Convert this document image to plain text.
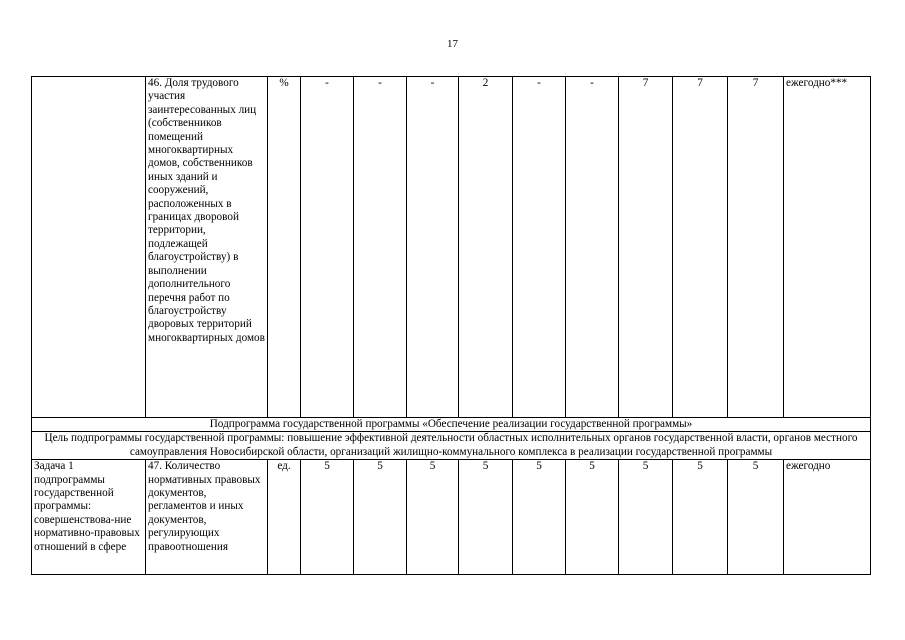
17
	46. Доля трудового участия заинтересованных лиц (собственников помещений многоквартирных домов, собственников иных зданий и сооружений, расположенных в границах дворовой территории, подлежащей благоустройству) в выполнении дополнительного перечня работ по благоустройству дворовых территорий многоквартирных домов	%	-	-	-	2	-	-	7	7	7	ежегодно***
Подпрограмма государственной программы «Обеспечение реализации государственной программы»												
Цель подпрограммы государственной программы: повышение эффективной деятельности областных исполнительных органов государственной власти, органов местного самоуправления Новосибирской области, организаций жилищно-коммунального комплекса в реализации государственной программы												
Задача 1 подпрограммы государственной программы: совершенствова-ние нормативно-правовых отношений в сфере	47. Количество нормативных правовых документов, регламентов и иных документов, регулирующих правоотношения	ед.	5	5	5	5	5	5	5	5	5	ежегодно
